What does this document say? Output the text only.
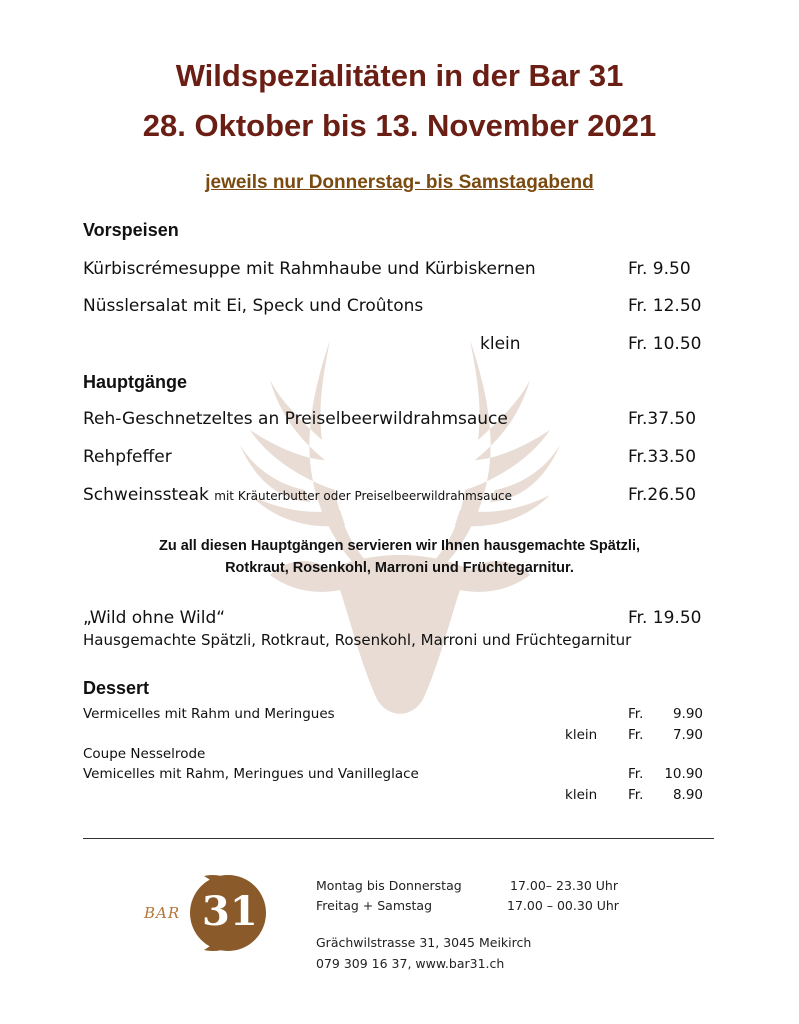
Wildspezialitäten in der Bar 31
28. Oktober bis 13. November 2021
jeweils nur Donnerstag- bis Samstagabend
Vorspeisen
Kürbiscrémesuppe mit Rahmhaube und Kürbiskernen	Fr. 9.50
Nüsslersalat mit Ei, Speck und Croûtons	Fr. 12.50
klein	Fr. 10.50
Hauptgänge
Reh-Geschnetzeltes an Preiselbeerwildrahmsauce	Fr.37.50
Rehpfeffer	Fr.33.50
Schweinssteak mit Kräuterbutter oder Preiselbeerwildrahmsauce	Fr.26.50
Zu all diesen Hauptgängen servieren wir Ihnen hausgemachte Spätzli,
Rotkraut, Rosenkohl, Marroni und Früchtegarnitur.
„Wild ohne Wild“	Fr. 19.50
Hausgemachte Spätzli, Rotkraut, Rosenkohl, Marroni und Früchtegarnitur
Dessert
Vermicelles mit Rahm und Meringues	Fr. 9.90
klein Fr. 7.90
Coupe Nesselrode
Vemicelles mit Rahm, Meringues und Vanilleglace	Fr. 10.90
klein Fr. 8.90
BAR 31
Montag bis Donnerstag	17.00– 23.30 Uhr
Freitag + Samstag	17.00 – 00.30 Uhr
Grächwilstrasse 31, 3045 Meikirch
079 309 16 37, www.bar31.ch
